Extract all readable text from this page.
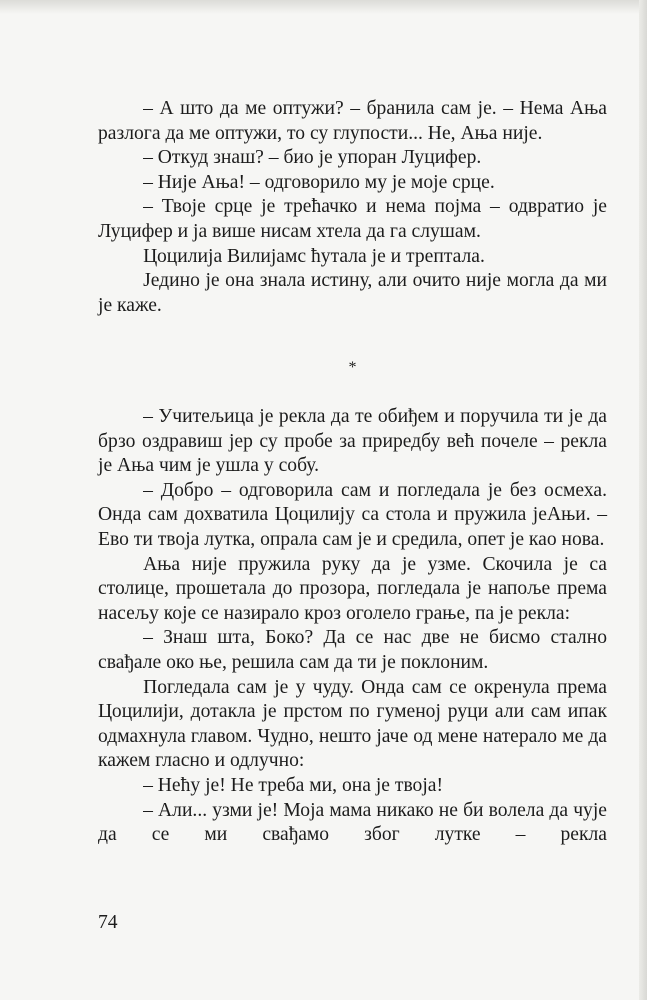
– А што да ме оптужи? – бранила сам је. – Нема Ања разлога да ме оптужи, то су глупости... Не, Ања није.

– Откуд знаш? – био је упоран Луцифер.

– Није Ања! – одговорило му је моје срце.

– Твоје срце је трећачко и нема појма – одвратио је Луцифер и ја више нисам хтела да га слушам.

Цоцилија Вилијамс ћутала је и трептала.

Једино је она знала истину, али очито није могла да ми је каже.

*

– Учитељица је рекла да те обиђем и поручила ти је да брзо оздравиш јер су пробе за приредбу већ почеле – рекла је Ања чим је ушла у собу.

– Добро – одговорила сам и погледала је без осмеха. Онда сам дохватила Цоцилију са стола и пружила јеАњи. – Ево ти твоја лутка, опрала сам је и средила, опет је као нова.

Ања није пружила руку да је узме. Скочила је са столице, прошетала до прозора, погледала је напоље према насељу које се назирало кроз оголело грање, па је рекла:

– Знаш шта, Боко? Да се нас две не бисмо стално свађале око ње, решила сам да ти је поклоним.

Погледала сам је у чуду. Онда сам се окренула према Цоцилији, дотакла је прстом по гуменој руци али сам ипак одмахнула главом. Чудно, нешто јаче од мене натерало ме да кажем гласно и одлучно:

– Нећу је! Не треба ми, она је твоја!

– Али... узми је! Моја мама никако не би волела да чује да се ми свађамо због лутке – рекла

74
